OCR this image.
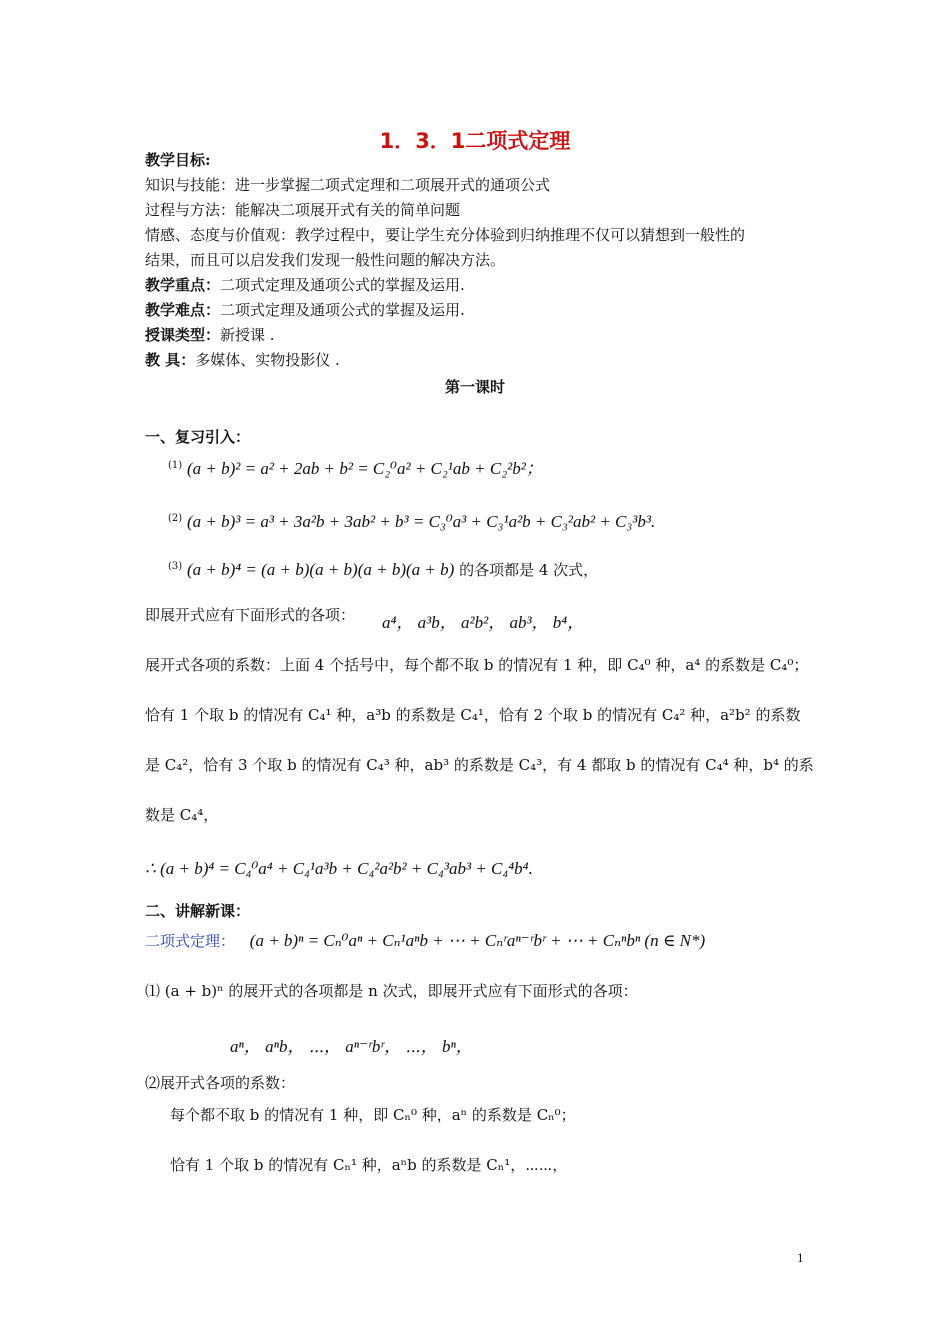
1．3．1二项式定理
教学目标:
知识与技能：进一步掌握二项式定理和二项展开式的通项公式
过程与方法：能解决二项展开式有关的简单问题
情感、态度与价值观：教学过程中，要让学生充分体验到归纳推理不仅可以猜想到一般性的
结果，而且可以启发我们发现一般性问题的解决方法。
教学重点：二项式定理及通项公式的掌握及运用.
教学难点：二项式定理及通项公式的掌握及运用.
授课类型：新授课 .
教 具：多媒体、实物投影仪 .
第一课时
一、复习引入：
$^{(1)}$ (a + b)² = a² + 2ab + b² = C₂⁰a² + C₂¹ab + C₂²b²；
$^{(2)}$ (a + b)³ = a³ + 3a²b + 3ab² + b³ = C₃⁰a³ + C₃¹a²b + C₃²ab² + C₃³b³.
$^{(3)}$ (a + b)⁴ = (a + b)(a + b)(a + b)(a + b) 的各项都是 4 次式，
即展开式应有下面形式的各项： a⁴， a³b， a²b²， ab³， b⁴，
展开式各项的系数：上面 4 个括号中，每个都不取 b 的情况有 1 种，即 C₄⁰ 种，a⁴ 的系数是 C₄⁰；
恰有 1 个取 b 的情况有 C₄¹ 种，a³b 的系数是 C₄¹，恰有 2 个取 b 的情况有 C₄² 种，a²b² 的系数
是 C₄²，恰有 3 个取 b 的情况有 C₄³ 种，ab³ 的系数是 C₄³，有 4 都取 b 的情况有 C₄⁴ 种，b⁴ 的系
数是 C₄⁴，
∴ (a + b)⁴ = C₄⁰a⁴ + C₄¹a³b + C₄²a²b² + C₄³ab³ + C₄⁴b⁴.
二、讲解新课：
二项式定理： (a + b)ⁿ = Cₙ⁰aⁿ + Cₙ¹aⁿb + ⋯ + Cₙʳaⁿ⁻ʳbʳ + ⋯ + Cₙⁿbⁿ (n ∈ N*)
⑴ (a + b)ⁿ 的展开式的各项都是 n 次式，即展开式应有下面形式的各项：
aⁿ， aⁿb， ⋯， aⁿ⁻ʳbʳ， ⋯， bⁿ，
⑵展开式各项的系数：
每个都不取 b 的情况有 1 种，即 Cₙ⁰ 种，aⁿ 的系数是 Cₙ⁰；
恰有 1 个取 b 的情况有 Cₙ¹ 种，aⁿb 的系数是 Cₙ¹，⋯⋯，
1
